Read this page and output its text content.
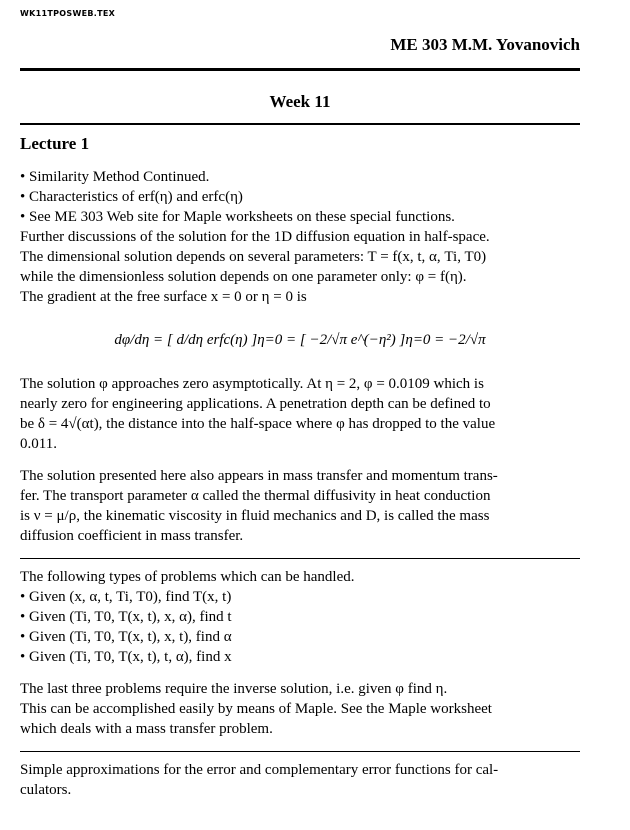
WK11TPOSWEB.TEX
ME 303 M.M. Yovanovich
Week 11
Lecture 1
• Similarity Method Continued.
• Characteristics of erf(η) and erfc(η)
• See ME 303 Web site for Maple worksheets on these special functions.
Further discussions of the solution for the 1D diffusion equation in half-space.
The dimensional solution depends on several parameters: T = f(x, t, α, Ti, T0)
while the dimensionless solution depends on one parameter only: φ = f(η).
The gradient at the free surface x = 0 or η = 0 is
dφ/dη = [ d/dη erfc(η) ]η=0 = [ −2/√π e^(−η²) ]η=0 = −2/√π
The solution φ approaches zero asymptotically. At η = 2, φ = 0.0109 which is
nearly zero for engineering applications. A penetration depth can be defined to
be δ = 4√(αt), the distance into the half-space where φ has dropped to the value
0.011.
The solution presented here also appears in mass transfer and momentum trans-
fer. The transport parameter α called the thermal diffusivity in heat conduction
is ν = μ/ρ, the kinematic viscosity in fluid mechanics and D, is called the mass
diffusion coefficient in mass transfer.
The following types of problems which can be handled.
• Given (x, α, t, Ti, T0), find T(x, t)
• Given (Ti, T0, T(x, t), x, α), find t
• Given (Ti, T0, T(x, t), x, t), find α
• Given (Ti, T0, T(x, t), t, α), find x
The last three problems require the inverse solution, i.e. given φ find η.
This can be accomplished easily by means of Maple. See the Maple worksheet
which deals with a mass transfer problem.
Simple approximations for the error and complementary error functions for cal-
culators.
